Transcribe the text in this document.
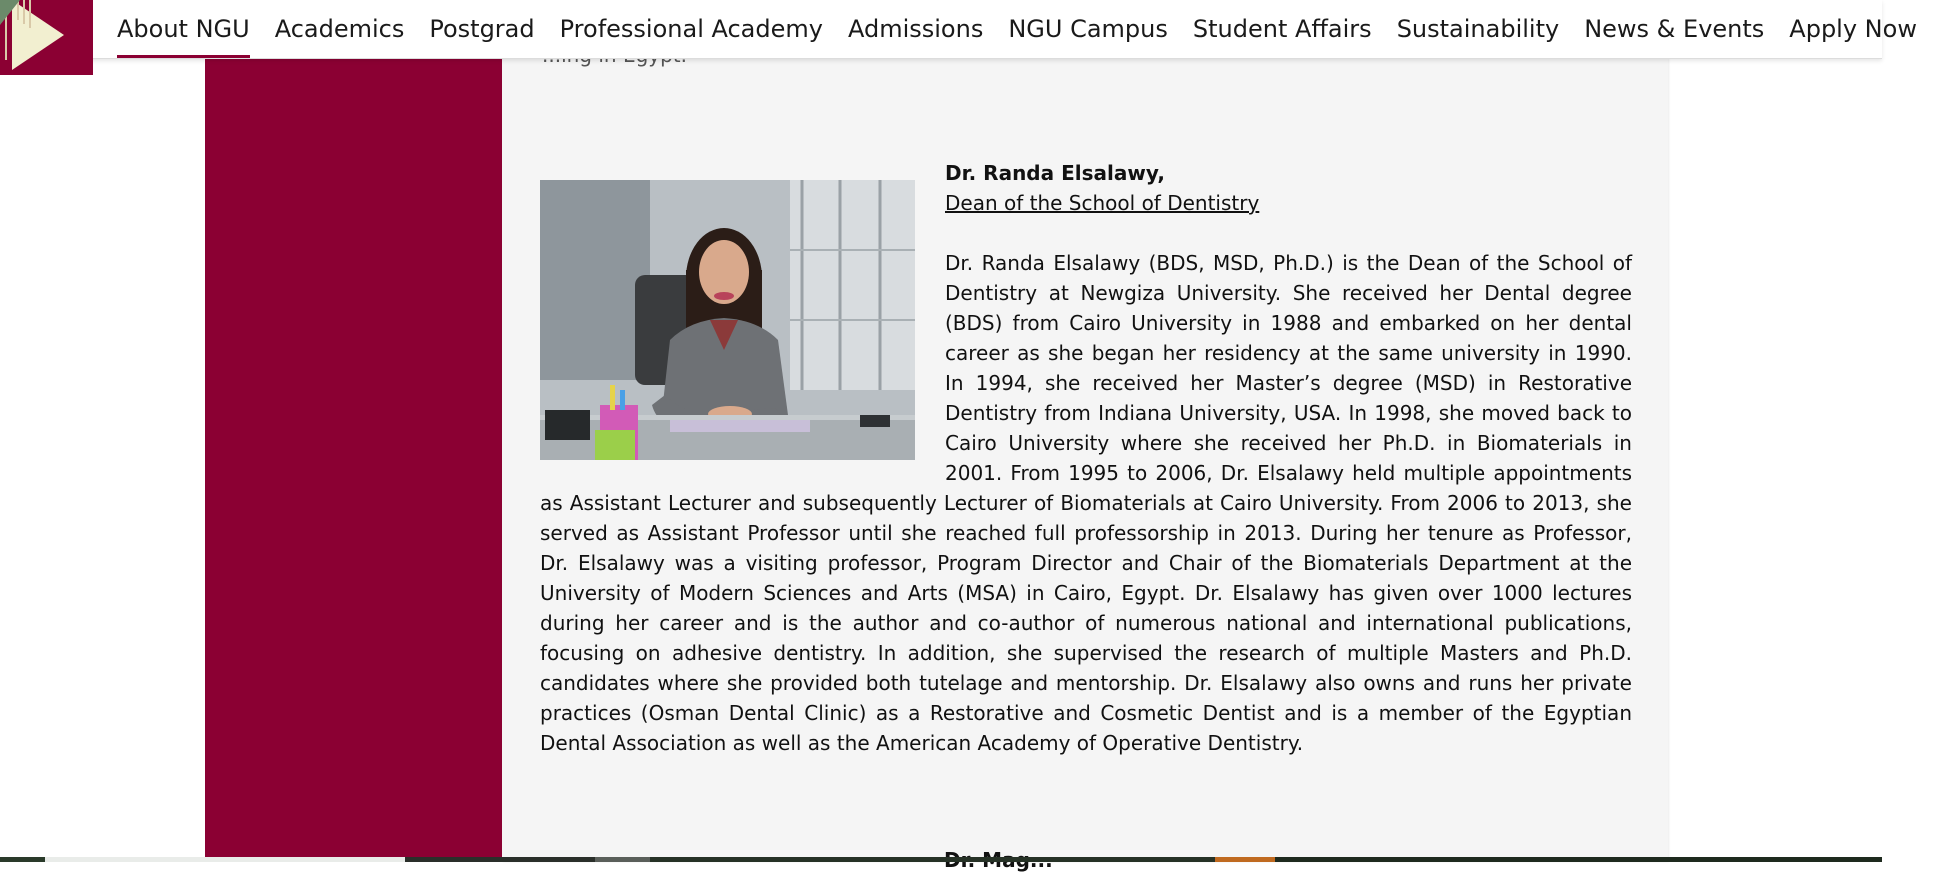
About NGU Academics Postgrad Professional Academy Admissions NGU Campus Student Affairs Sustainability News & Events Apply Now
Dr. Randa Elsalawy,
Dean of the School of Dentistry

Dr. Randa Elsalawy (BDS, MSD, Ph.D.) is the Dean of the School of Dentistry at Newgiza University. She received her Dental degree (BDS) from Cairo University in 1988 and embarked on her dental career as she began her residency at the same university in 1990. In 1994, she received her Master’s degree (MSD) in Restorative Dentistry from Indiana University, USA. In 1998, she moved back to Cairo University where she received her Ph.D. in Biomaterials in 2001. From 1995 to 2006, Dr. Elsalawy held multiple appointments as Assistant Lecturer and subsequently Lecturer of Biomaterials at Cairo University. From 2006 to 2013, she served as Assistant Professor until she reached full professorship in 2013. During her tenure as Professor, Dr. Elsalawy was a visiting professor, Program Director and Chair of the Biomaterials Department at the University of Modern Sciences and Arts (MSA) in Cairo, Egypt. Dr. Elsalawy has given over 1000 lectures during her career and is the author and co-author of numerous national and international publications, focusing on adhesive dentistry. In addition, she supervised the research of multiple Masters and Ph.D. candidates where she provided both tutelage and mentorship. Dr. Elsalawy also owns and runs her private practices (Osman Dental Clinic) as a Restorative and Cosmetic Dentist and is a member of the Egyptian Dental Association as well as the American Academy of Operative Dentistry.
